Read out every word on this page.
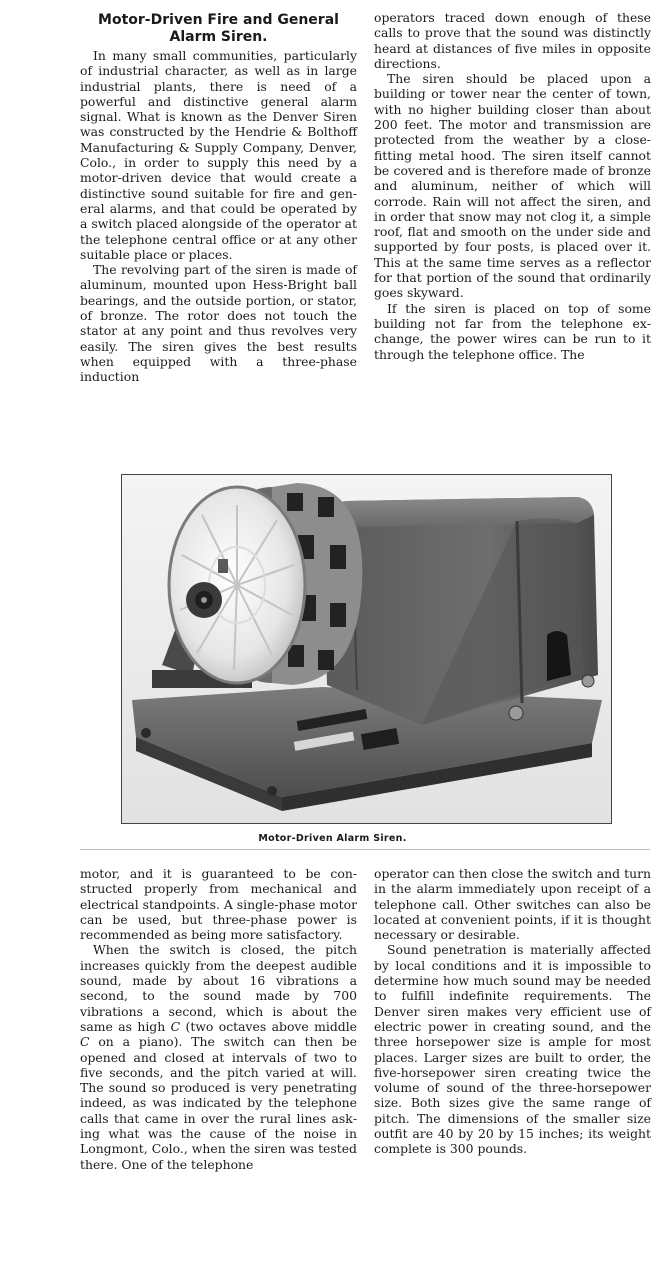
Motor-Driven Fire and General
Alarm Siren.

In many small communities, particularly of industrial character, as well as in large industrial plants, there is need of a powerful and distinctive general alarm signal. What is known as the Denver Siren was constructed by the Hendrie & Bolthoff Manufacturing & Supply Company, Denver, Colo., in order to supply this need by a motor-driven device that would create a distinctive sound suitable for fire and general alarms, and that could be operated by a switch placed alongside of the operator at the telephone central office or at any other suitable place or places.

The revolving part of the siren is made of aluminum, mounted upon Hess-Bright ball bearings, and the outside portion, or stator, of bronze. The rotor does not touch the stator at any point and thus revolves very easily. The siren gives the best results when equipped with a three-phase induction

operators traced down enough of these calls to prove that the sound was distinctly heard at distances of five miles in opposite directions.

The siren should be placed upon a building or tower near the center of town, with no higher building closer than about 200 feet. The motor and transmission are protected from the weather by a close-fitting metal hood. The siren itself cannot be covered and is therefore made of bronze and aluminum, neither of which will corrode. Rain will not affect the siren, and in order that snow may not clog it, a simple roof, flat and smooth on the under side and supported by four posts, is placed over it. This at the same time serves as a reflector for that portion of the sound that ordinarily goes skyward.

If the siren is placed on top of some building not far from the telephone exchange, the power wires can be run to it through the telephone office. The

Motor-Driven Alarm Siren.

motor, and it is guaranteed to be constructed properly from mechanical and electrical standpoints. A single-phase motor can be used, but three-phase power is recommended as being more satisfactory.

When the switch is closed, the pitch increases quickly from the deepest audible sound, made by about 16 vibrations a second, to the sound made by 700 vibrations a second, which is about the same as high C (two octaves above middle C on a piano). The switch can then be opened and closed at intervals of two to five seconds, and the pitch varied at will. The sound so produced is very penetrating indeed, as was indicated by the telephone calls that came in over the rural lines asking what was the cause of the noise in Longmont, Colo., when the siren was tested there. One of the telephone

operator can then close the switch and turn in the alarm immediately upon receipt of a telephone call. Other switches can also be located at convenient points, if it is thought necessary or desirable.

Sound penetration is materially affected by local conditions and it is impossible to determine how much sound may be needed to fulfill indefinite requirements. The Denver siren makes very efficient use of electric power in creating sound, and the three horsepower size is ample for most places. Larger sizes are built to order, the five-horsepower siren creating twice the volume of sound of the three-horsepower size. Both sizes give the same range of pitch. The dimensions of the smaller size outfit are 40 by 20 by 15 inches; its weight complete is 300 pounds.
